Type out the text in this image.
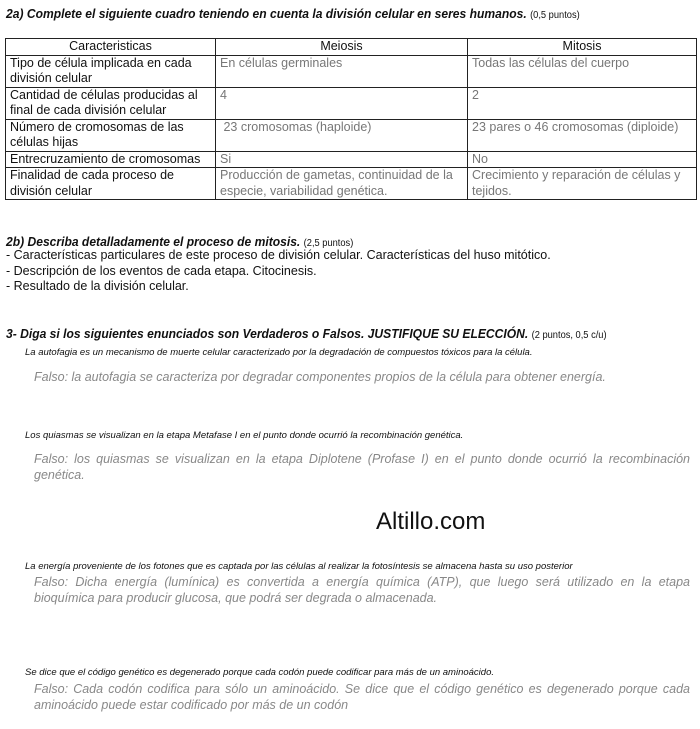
2a) Complete el siguiente cuadro teniendo en cuenta la división celular en seres humanos. (0,5 puntos)
Caracteristicas	Meiosis	Mitosis
Tipo de célula implicada en cada división celular	En células germinales	Todas las células del cuerpo
Cantidad de células producidas al final de cada división celular	4	2
Número de cromosomas de las células hijas	23 cromosomas (haploide)	23 pares o 46 cromosomas (diploide)
Entrecruzamiento de cromosomas	Si	No
Finalidad de cada proceso de división celular	Producción de gametas, continuidad de la especie, variabilidad genética.	Crecimiento y reparación de células y tejidos.
2b) Describa detalladamente el proceso de mitosis. (2,5 puntos)
- Características particulares de este proceso de división celular. Características del huso mitótico.
- Descripción de los eventos de cada etapa. Citocinesis.
- Resultado de la división celular.
3- Diga si los siguientes enunciados son Verdaderos o Falsos. JUSTIFIQUE SU ELECCIÓN. (2 puntos, 0,5 c/u)
La autofagia es un mecanismo de muerte celular caracterizado por la degradación de compuestos tóxicos para la célula.
Falso: la autofagia se caracteriza por degradar componentes propios de la célula para obtener energía.
Los quiasmas se visualizan en la etapa Metafase I en el punto donde ocurrió la recombinación genética.
Falso: los quiasmas se visualizan en la etapa Diplotene (Profase I) en el punto donde ocurrió la recombinación genética.
Altillo.com
La energía proveniente de los fotones que es captada por las células al realizar la fotosíntesis se almacena hasta su uso posterior
Falso: Dicha energía (lumínica) es convertida a energía química (ATP), que luego será utilizado en la etapa bioquímica para producir glucosa, que podrá ser degrada o almacenada.
Se dice que el código genético es degenerado porque cada codón puede codificar para más de un aminoácido.
Falso: Cada codón codifica para sólo un aminoácido. Se dice que el código genético es degenerado porque cada aminoácido puede estar codificado por más de un codón
